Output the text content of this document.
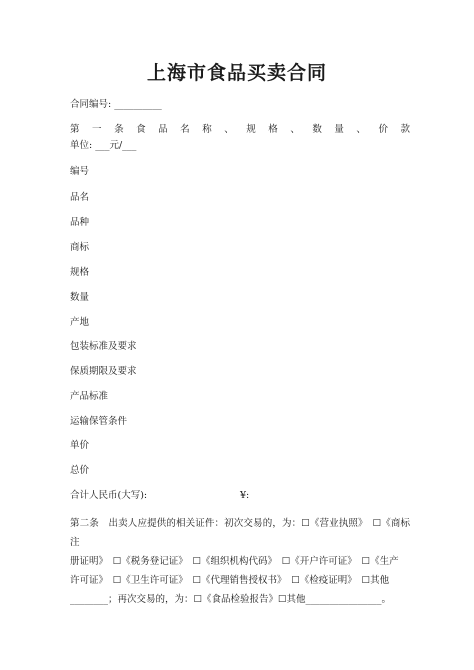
上海市食品买卖合同
合同编号: __________
第 一 条 食 品 名 称 、 规 格 、 数 量 、 价 款
单位: ___元/___
编号
品名
品种
商标
规格
数量
产地
包装标准及要求
保质期限及要求
产品标准
运输保管条件
单价
总价
合计人民币(大写):	¥:
第二条　出卖人应提供的相关证件：初次交易的，为：☐《营业执照》　☐《商标注
册证明》　☐《税务登记证》　☐《组织机构代码》　☐《开户许可证》　☐《生产
许可证》　☐《卫生许可证》　☐《代理销售授权书》　☐《检疫证明》　☐其他
________；再次交易的，为：☐《食品检验报告》☐其他________________。
